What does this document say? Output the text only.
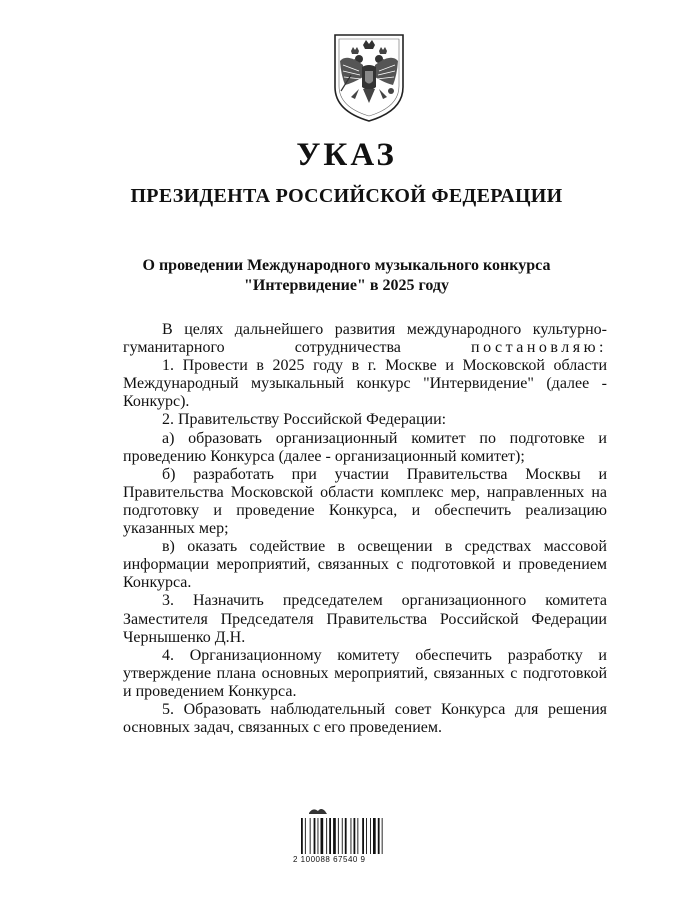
УКАЗ
ПРЕЗИДЕНТА РОССИЙСКОЙ ФЕДЕРАЦИИ
О проведении Международного музыкального конкурса
"Интервидение" в 2025 году

В целях дальнейшего развития международного культурно-гуманитарного сотрудничества	постановляю:

1. Провести в 2025 году в г. Москве и Московской области Международный музыкальный конкурс "Интервидение" (далее - Конкурс).

2. Правительству Российской Федерации:

а) образовать организационный комитет по подготовке и проведению Конкурса (далее - организационный комитет);

б) разработать при участии Правительства Москвы и Правительства Московской области комплекс мер, направленных на подготовку и проведение Конкурса, и обеспечить реализацию указанных мер;

в) оказать содействие в освещении в средствах массовой информации мероприятий, связанных с подготовкой и проведением Конкурса.

3. Назначить председателем организационного комитета Заместителя Председателя Правительства Российской Федерации Чернышенко Д.Н.

4. Организационному комитету обеспечить разработку и утверждение плана основных мероприятий, связанных с подготовкой и проведением Конкурса.

5. Образовать наблюдательный совет Конкурса для решения основных задач, связанных с его проведением.

2 100088 67540 9
